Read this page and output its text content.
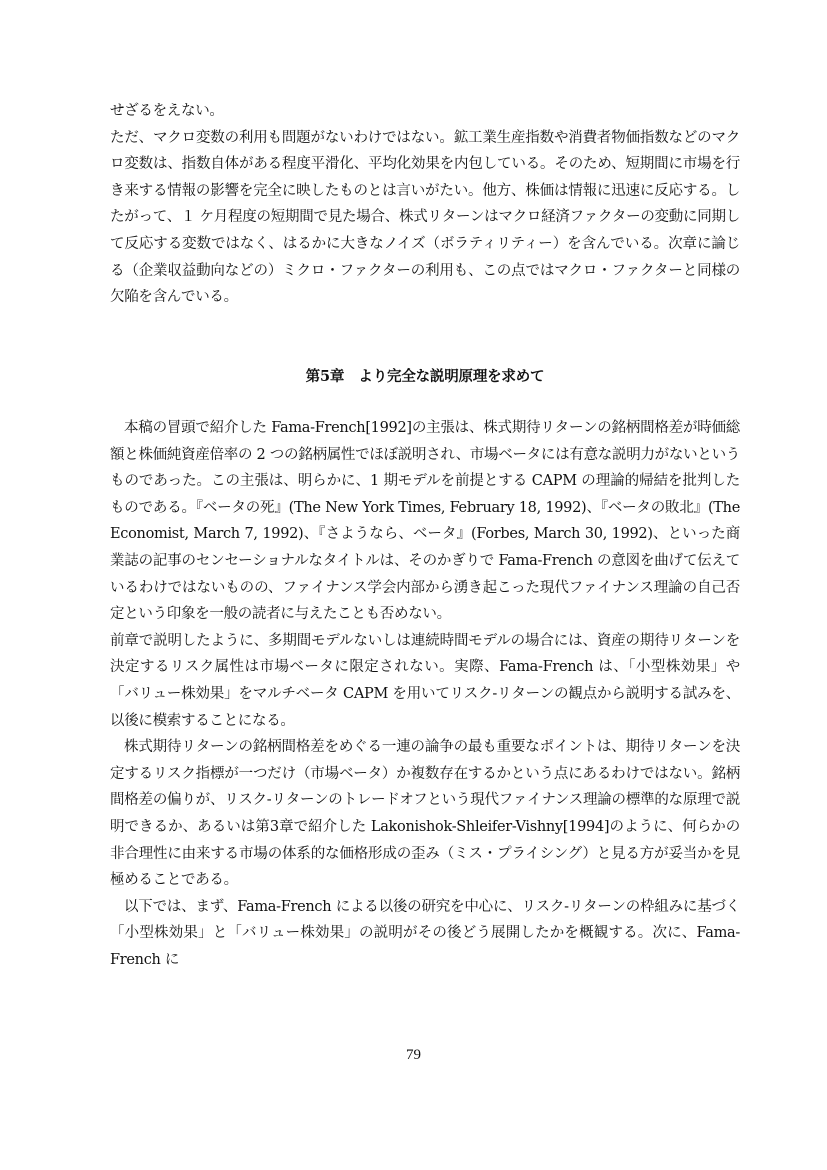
せざるをえない。

ただ、マクロ変数の利用も問題がないわけではない。鉱工業生産指数や消費者物価指数などのマクロ変数は、指数自体がある程度平滑化、平均化効果を内包している。そのため、短期間に市場を行き来する情報の影響を完全に映したものとは言いがたい。他方、株価は情報に迅速に反応する。したがって、１ ケ月程度の短期間で見た場合、株式リターンはマクロ経済ファクターの変動に同期して反応する変数ではなく、はるかに大きなノイズ（ボラティリティー）を含んでいる。次章に論じる（企業収益動向などの）ミクロ・ファクターの利用も、この点ではマクロ・ファクターと同様の欠陥を含んでいる。

第5章　より完全な説明原理を求めて

本稿の冒頭で紹介した Fama-French[1992]の主張は、株式期待リターンの銘柄間格差が時価総額と株価純資産倍率の 2 つの銘柄属性でほぼ説明され、市場ベータには有意な説明力がないというものであった。この主張は、明らかに、1 期モデルを前提とする CAPM の理論的帰結を批判したものである。『ベータの死』(The New York Times, February 18, 1992)、『ベータの敗北』(The Economist, March 7, 1992)、『さようなら、ベータ』(Forbes, March 30, 1992)、といった商業誌の記事のセンセーショナルなタイトルは、そのかぎりで Fama-French の意図を曲げて伝えているわけではないものの、ファイナンス学会内部から湧き起こった現代ファイナンス理論の自己否定という印象を一般の読者に与えたことも否めない。

前章で説明したように、多期間モデルないしは連続時間モデルの場合には、資産の期待リターンを決定するリスク属性は市場ベータに限定されない。実際、Fama-French は、「小型株効果」や「バリュー株効果」をマルチベータ CAPM を用いてリスク-リターンの観点から説明する試みを、以後に模索することになる。

株式期待リターンの銘柄間格差をめぐる一連の論争の最も重要なポイントは、期待リターンを決定するリスク指標が一つだけ（市場ベータ）か複数存在するかという点にあるわけではない。銘柄間格差の偏りが、リスク-リターンのトレードオフという現代ファイナンス理論の標準的な原理で説明できるか、あるいは第3章で紹介した Lakonishok-Shleifer-Vishny[1994]のように、何らかの非合理性に由来する市場の体系的な価格形成の歪み（ミス・プライシング）と見る方が妥当かを見極めることである。

以下では、まず、Fama-French による以後の研究を中心に、リスク-リターンの枠組みに基づく「小型株効果」と「バリュー株効果」の説明がその後どう展開したかを概観する。次に、Fama-French に

79
